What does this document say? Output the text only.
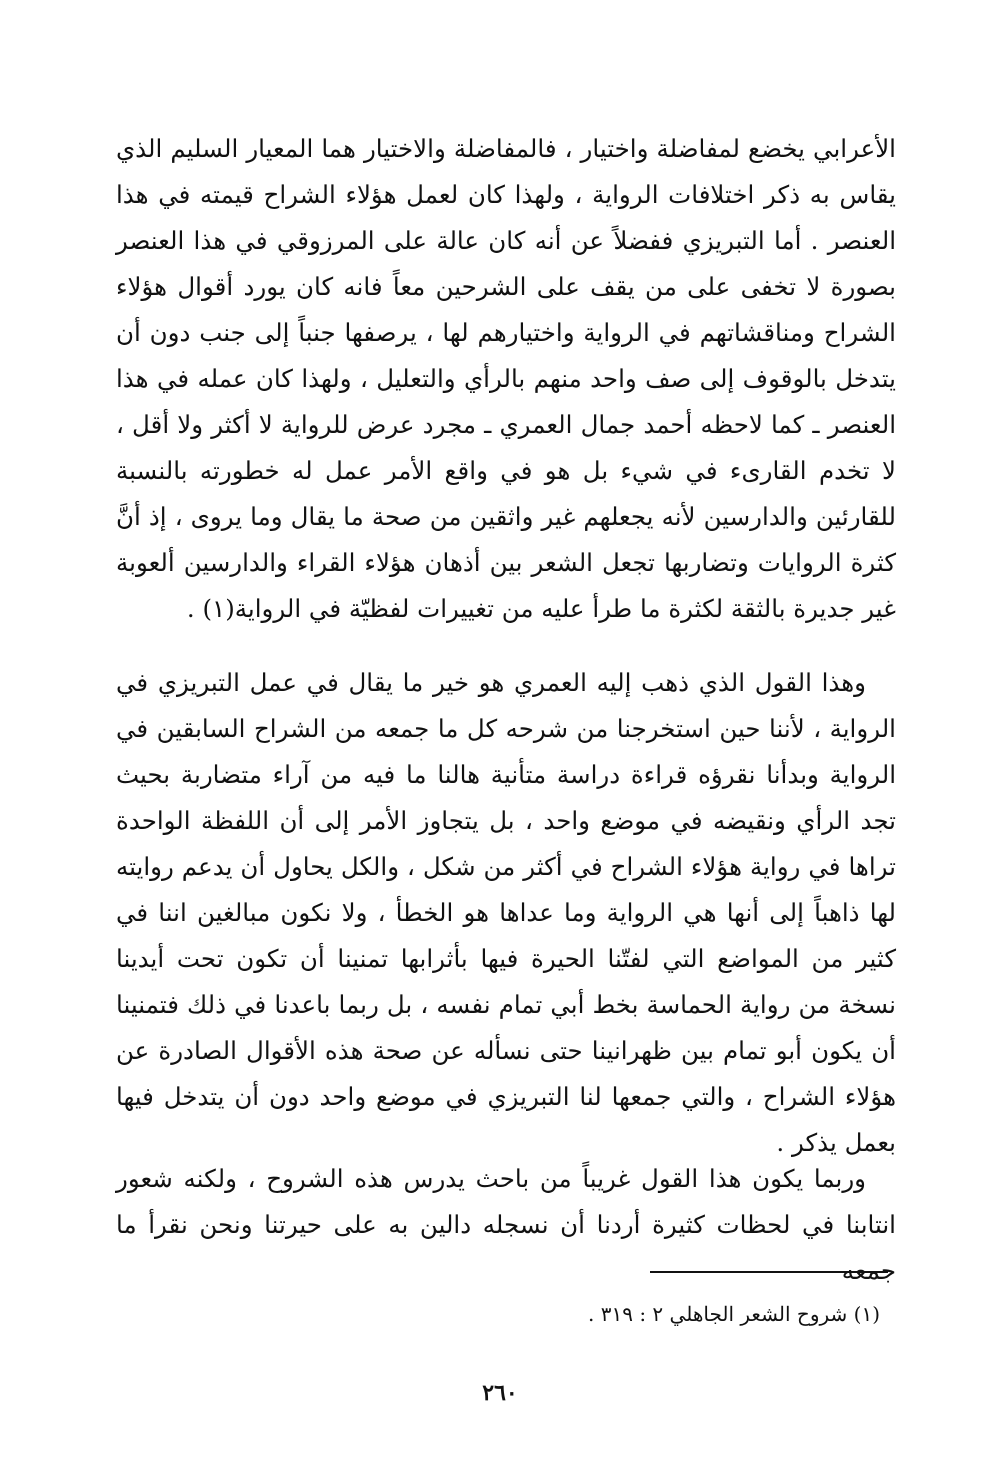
الأعرابي يخضع لمفاضلة واختيار ، فالمفاضلة والاختيار هما المعيار السليم الذي يقاس به ذكر اختلافات الرواية ، ولهذا كان لعمل هؤلاء الشراح قيمته في هذا العنصر . أما التبريزي ففضلاً عن أنه كان عالة على المرزوقي في هذا العنصر بصورة لا تخفى على من يقف على الشرحين معاً فانه كان يورد أقوال هؤلاء الشراح ومناقشاتهم في الرواية واختيارهم لها ، يرصفها جنباً إلى جنب دون أن يتدخل بالوقوف إلى صف واحد منهم بالرأي والتعليل ، ولهذا كان عمله في هذا العنصر ـ كما لاحظه أحمد جمال العمري ـ مجرد عرض للرواية لا أكثر ولا أقل ، لا تخدم القارىء في شيء بل هو في واقع الأمر عمل له خطورته بالنسبة للقارئين والدارسين لأنه يجعلهم غير واثقين من صحة ما يقال وما يروى ، إذ أنَّ كثرة الروايات وتضاربها تجعل الشعر بين أذهان هؤلاء القراء والدارسين ألعوبة غير جديرة بالثقة لكثرة ما طرأ عليه من تغييرات لفظيّة في الرواية(١) .

وهذا القول الذي ذهب إليه العمري هو خير ما يقال في عمل التبريزي في الرواية ، لأننا حين استخرجنا من شرحه كل ما جمعه من الشراح السابقين في الرواية وبدأنا نقرؤه قراءة دراسة متأنية هالنا ما فيه من آراء متضاربة بحيث تجد الرأي ونقيضه في موضع واحد ، بل يتجاوز الأمر إلى أن اللفظة الواحدة تراها في رواية هؤلاء الشراح في أكثر من شكل ، والكل يحاول أن يدعم روايته لها ذاهباً إلى أنها هي الرواية وما عداها هو الخطأ ، ولا نكون مبالغين اننا في كثير من المواضع التي لفتّنا الحيرة فيها بأثرابها تمنينا أن تكون تحت أيدينا نسخة من رواية الحماسة بخط أبي تمام نفسه ، بل ربما باعدنا في ذلك فتمنينا أن يكون أبو تمام بين ظهرانينا حتى نسأله عن صحة هذه الأقوال الصادرة عن هؤلاء الشراح ، والتي جمعها لنا التبريزي في موضع واحد دون أن يتدخل فيها بعمل يذكر .

وربما يكون هذا القول غريباً من باحث يدرس هذه الشروح ، ولكنه شعور انتابنا في لحظات كثيرة أردنا أن نسجله دالين به على حيرتنا ونحن نقرأ ما جمعه

(١) شروح الشعر الجاهلي ٢ : ٣١٩ .
٢٦٠
